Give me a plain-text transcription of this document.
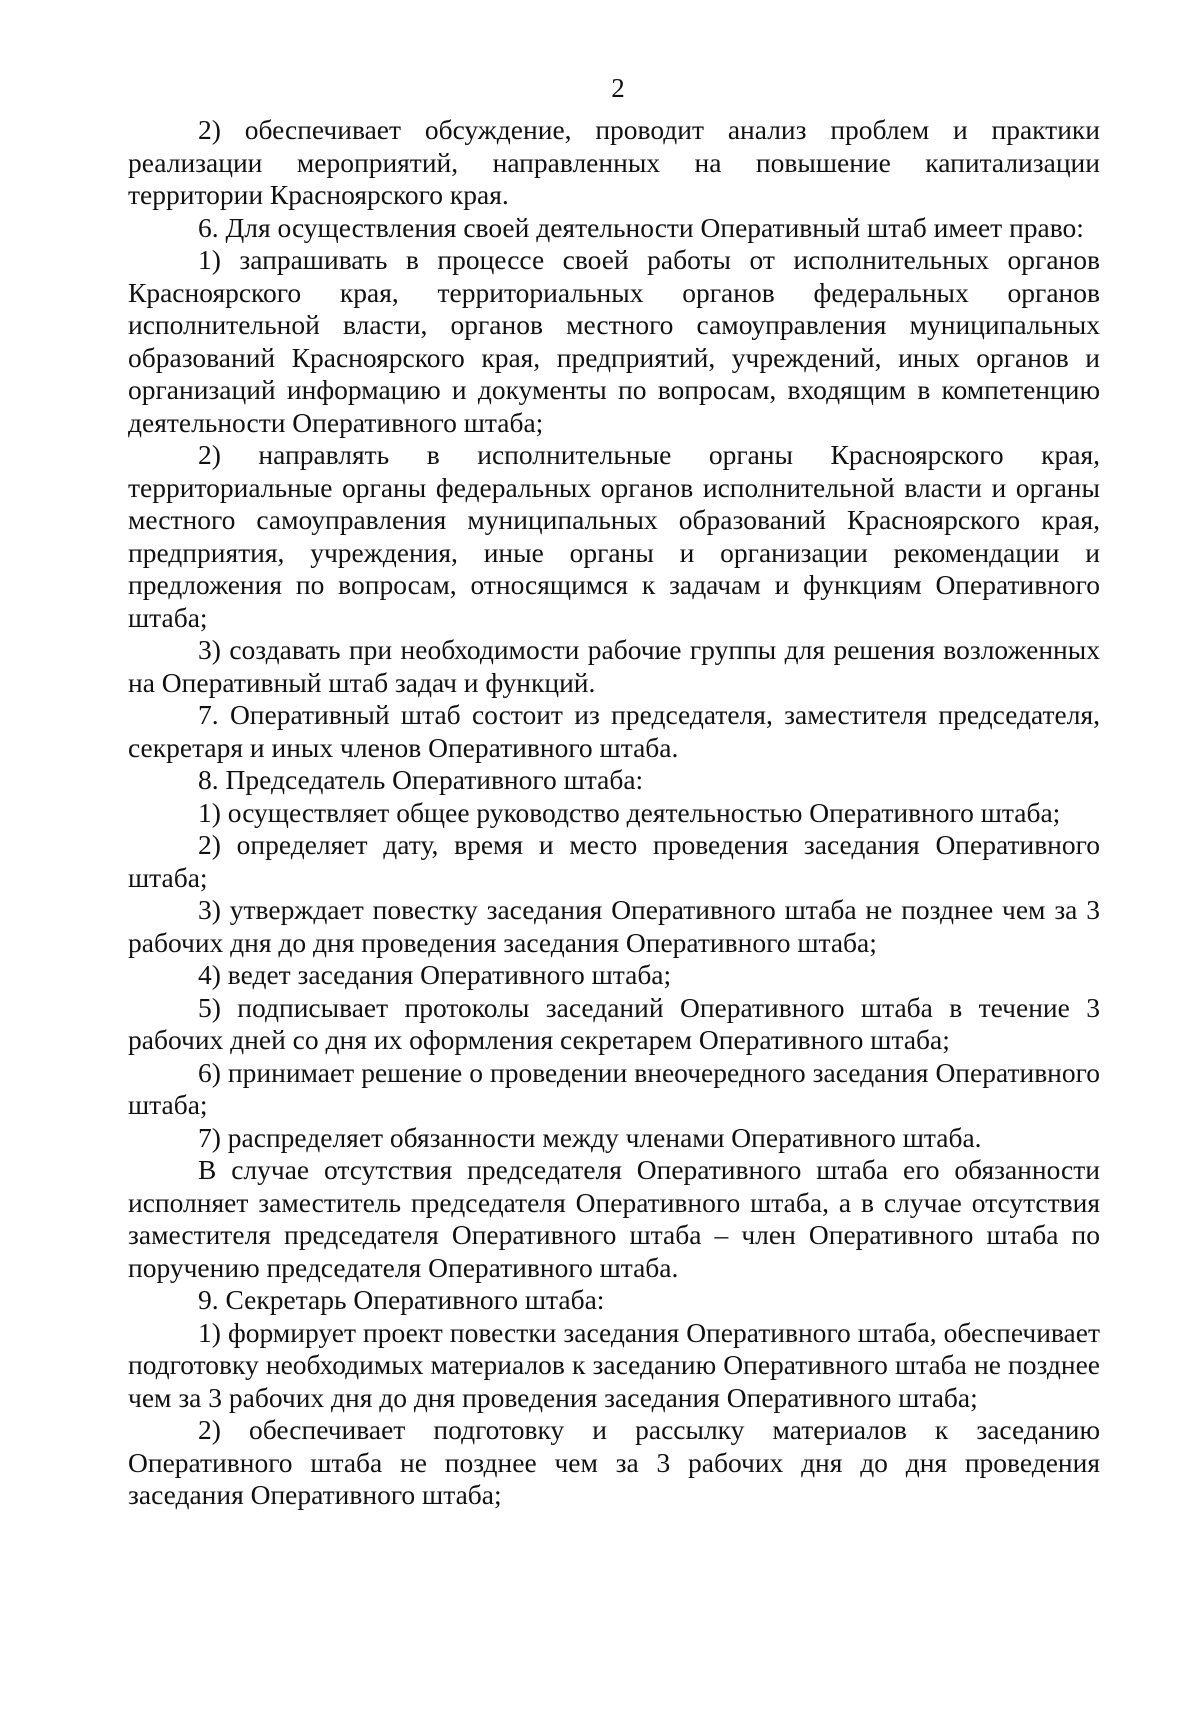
2

2) обеспечивает обсуждение, проводит анализ проблем и практики реализации мероприятий, направленных на повышение капитализации территории Красноярского края.

6. Для осуществления своей деятельности Оперативный штаб имеет право:

1) запрашивать в процессе своей работы от исполнительных органов Красноярского края, территориальных органов федеральных органов исполнительной власти, органов местного самоуправления муниципальных образований Красноярского края, предприятий, учреждений, иных органов и организаций информацию и документы по вопросам, входящим в компетенцию деятельности Оперативного штаба;

2) направлять в исполнительные органы Красноярского края, территориальные органы федеральных органов исполнительной власти и органы местного самоуправления муниципальных образований Красноярского края, предприятия, учреждения, иные органы и организации рекомендации и предложения по вопросам, относящимся к задачам и функциям Оперативного штаба;

3) создавать при необходимости рабочие группы для решения возложенных на Оперативный штаб задач и функций.

7. Оперативный штаб состоит из председателя, заместителя председателя, секретаря и иных членов Оперативного штаба.

8. Председатель Оперативного штаба:

1) осуществляет общее руководство деятельностью Оперативного штаба;

2) определяет дату, время и место проведения заседания Оперативного штаба;

3) утверждает повестку заседания Оперативного штаба не позднее чем за 3 рабочих дня до дня проведения заседания Оперативного штаба;

4) ведет заседания Оперативного штаба;

5) подписывает протоколы заседаний Оперативного штаба в течение 3 рабочих дней со дня их оформления секретарем Оперативного штаба;

6) принимает решение о проведении внеочередного заседания Оперативного штаба;

7) распределяет обязанности между членами Оперативного штаба.

В случае отсутствия председателя Оперативного штаба его обязанности исполняет заместитель председателя Оперативного штаба, а в случае отсутствия заместителя председателя Оперативного штаба – член Оперативного штаба по поручению председателя Оперативного штаба.

9. Секретарь Оперативного штаба:

1) формирует проект повестки заседания Оперативного штаба, обеспечивает подготовку необходимых материалов к заседанию Оперативного штаба не позднее чем за 3 рабочих дня до дня проведения заседания Оперативного штаба;

2) обеспечивает подготовку и рассылку материалов к заседанию Оперативного штаба не позднее чем за 3 рабочих дня до дня проведения заседания Оперативного штаба;
